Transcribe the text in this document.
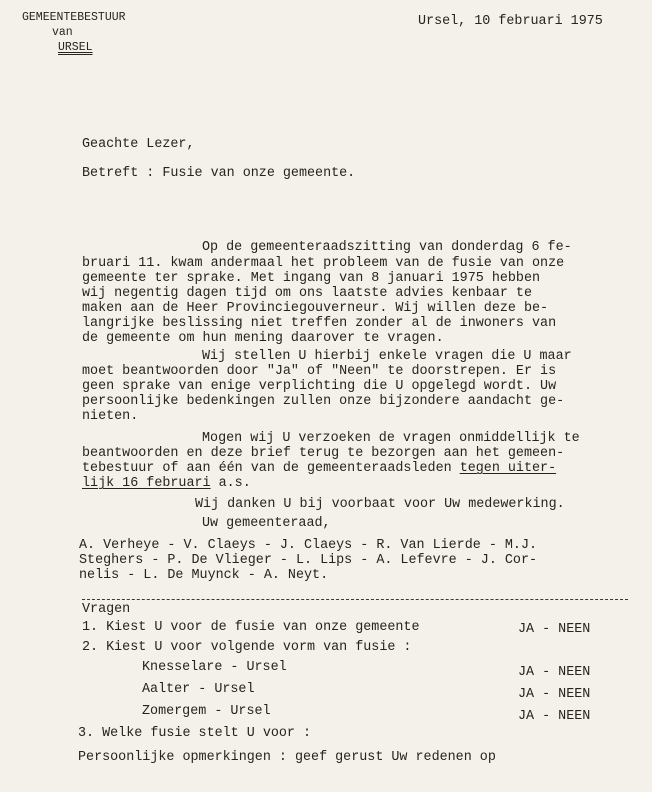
GEMEENTEBESTUUR
van
URSEL
Ursel, 10 februari 1975
Geachte Lezer,
Betreft : Fusie van onze gemeente.
Op de gemeenteraadszitting van donderdag 6 fe-
bruari 11. kwam andermaal het probleem van de fusie van onze
gemeente ter sprake. Met ingang van 8 januari 1975 hebben
wij negentig dagen tijd om ons laatste advies kenbaar te
maken aan de Heer Provinciegouverneur. Wij willen deze be-
langrijke beslissing niet treffen zonder al de inwoners van
de gemeente om hun mening daarover te vragen.
Wij stellen U hierbij enkele vragen die U maar
moet beantwoorden door "Ja" of "Neen" te doorstrepen. Er is
geen sprake van enige verplichting die U opgelegd wordt. Uw
persoonlijke bedenkingen zullen onze bijzondere aandacht ge-
nieten.
Mogen wij U verzoeken de vragen onmiddellijk te
beantwoorden en deze brief terug te bezorgen aan het gemeen-
tebestuur of aan één van de gemeenteraadsleden tegen uiter-
lijk 16 februari a.s.
Wij danken U bij voorbaat voor Uw medewerking.
Uw gemeenteraad,
A. Verheye - V. Claeys - J. Claeys - R. Van Lierde - M.J.
Steghers - P. De Vlieger - L. Lips - A. Lefevre - J. Cor-
nelis - L. De Muynck - A. Neyt.
Vragen
1. Kiest U voor de fusie van onze gemeente	JA - NEEN
2. Kiest U voor volgende vorm van fusie :
Knesselare - Ursel	JA - NEEN
Aalter - Ursel	JA - NEEN
Zomergem - Ursel	JA - NEEN
3. Welke fusie stelt U voor :
Persoonlijke opmerkingen : geef gerust Uw redenen op
